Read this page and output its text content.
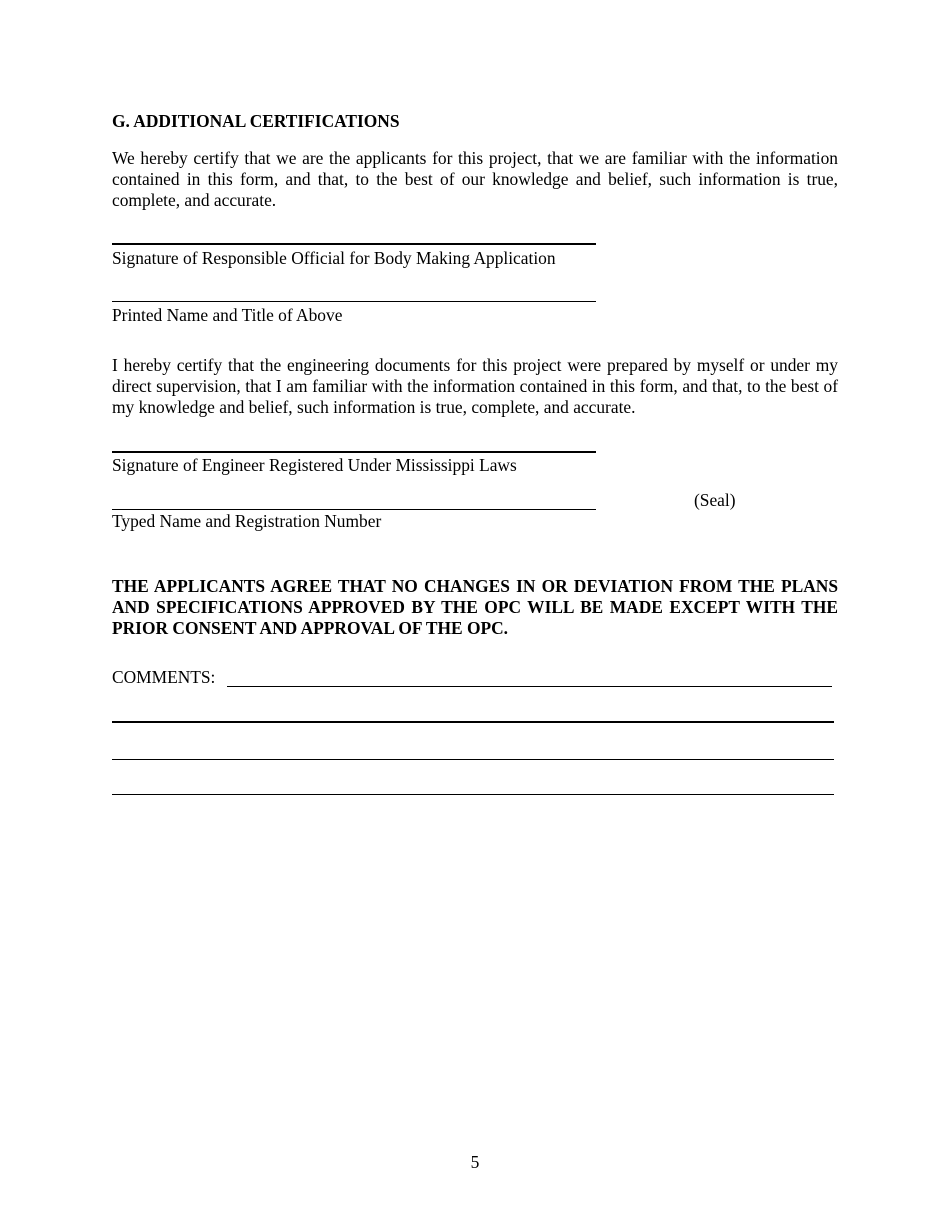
G. ADDITIONAL CERTIFICATIONS
We hereby certify that we are the applicants for this project, that we are familiar with the information contained in this form, and that, to the best of our knowledge and belief, such information is true, complete, and accurate.
Signature of Responsible Official for Body Making Application
Printed Name and Title of Above
I hereby certify that the engineering documents for this project were prepared by myself or under my direct supervision, that I am familiar with the information contained in this form, and that, to the best of my knowledge and belief, such information is true, complete, and accurate.
Signature of Engineer Registered Under Mississippi Laws
(Seal)
Typed Name and Registration Number
THE APPLICANTS AGREE THAT NO CHANGES IN OR DEVIATION FROM THE PLANS AND SPECIFICATIONS APPROVED BY THE OPC WILL BE MADE EXCEPT WITH THE PRIOR CONSENT AND APPROVAL OF THE OPC.
COMMENTS:
5
